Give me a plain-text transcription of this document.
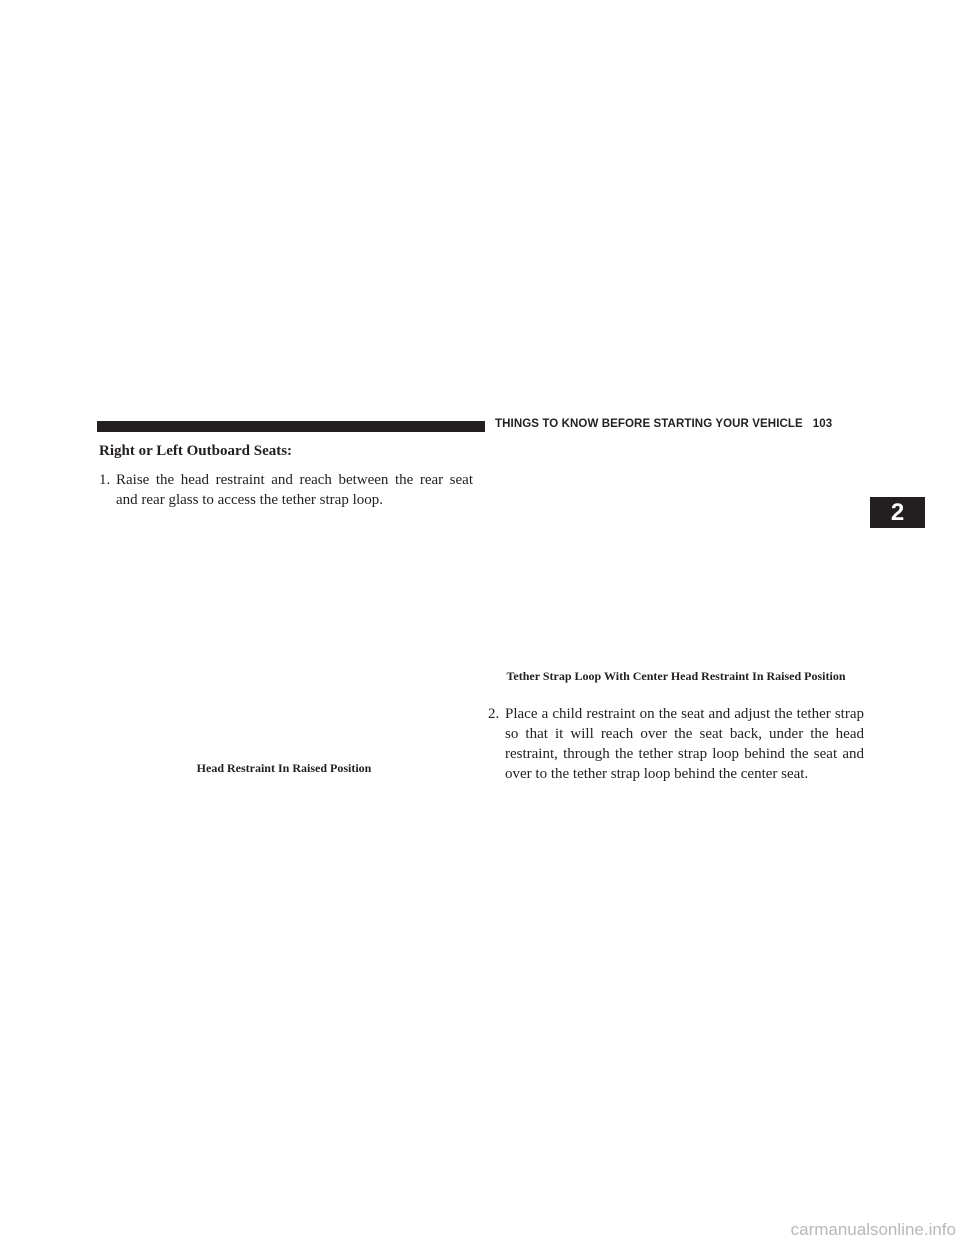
THINGS TO KNOW BEFORE STARTING YOUR VEHICLE 103
2
Right or Left Outboard Seats:
1. Raise the head restraint and reach between the rear seat and rear glass to access the tether strap loop.
Head Restraint In Raised Position
Tether Strap Loop With Center Head Restraint In Raised Position
2. Place a child restraint on the seat and adjust the tether strap so that it will reach over the seat back, under the head restraint, through the tether strap loop behind the seat and over to the tether strap loop behind the center seat.
carmanualsonline.info
